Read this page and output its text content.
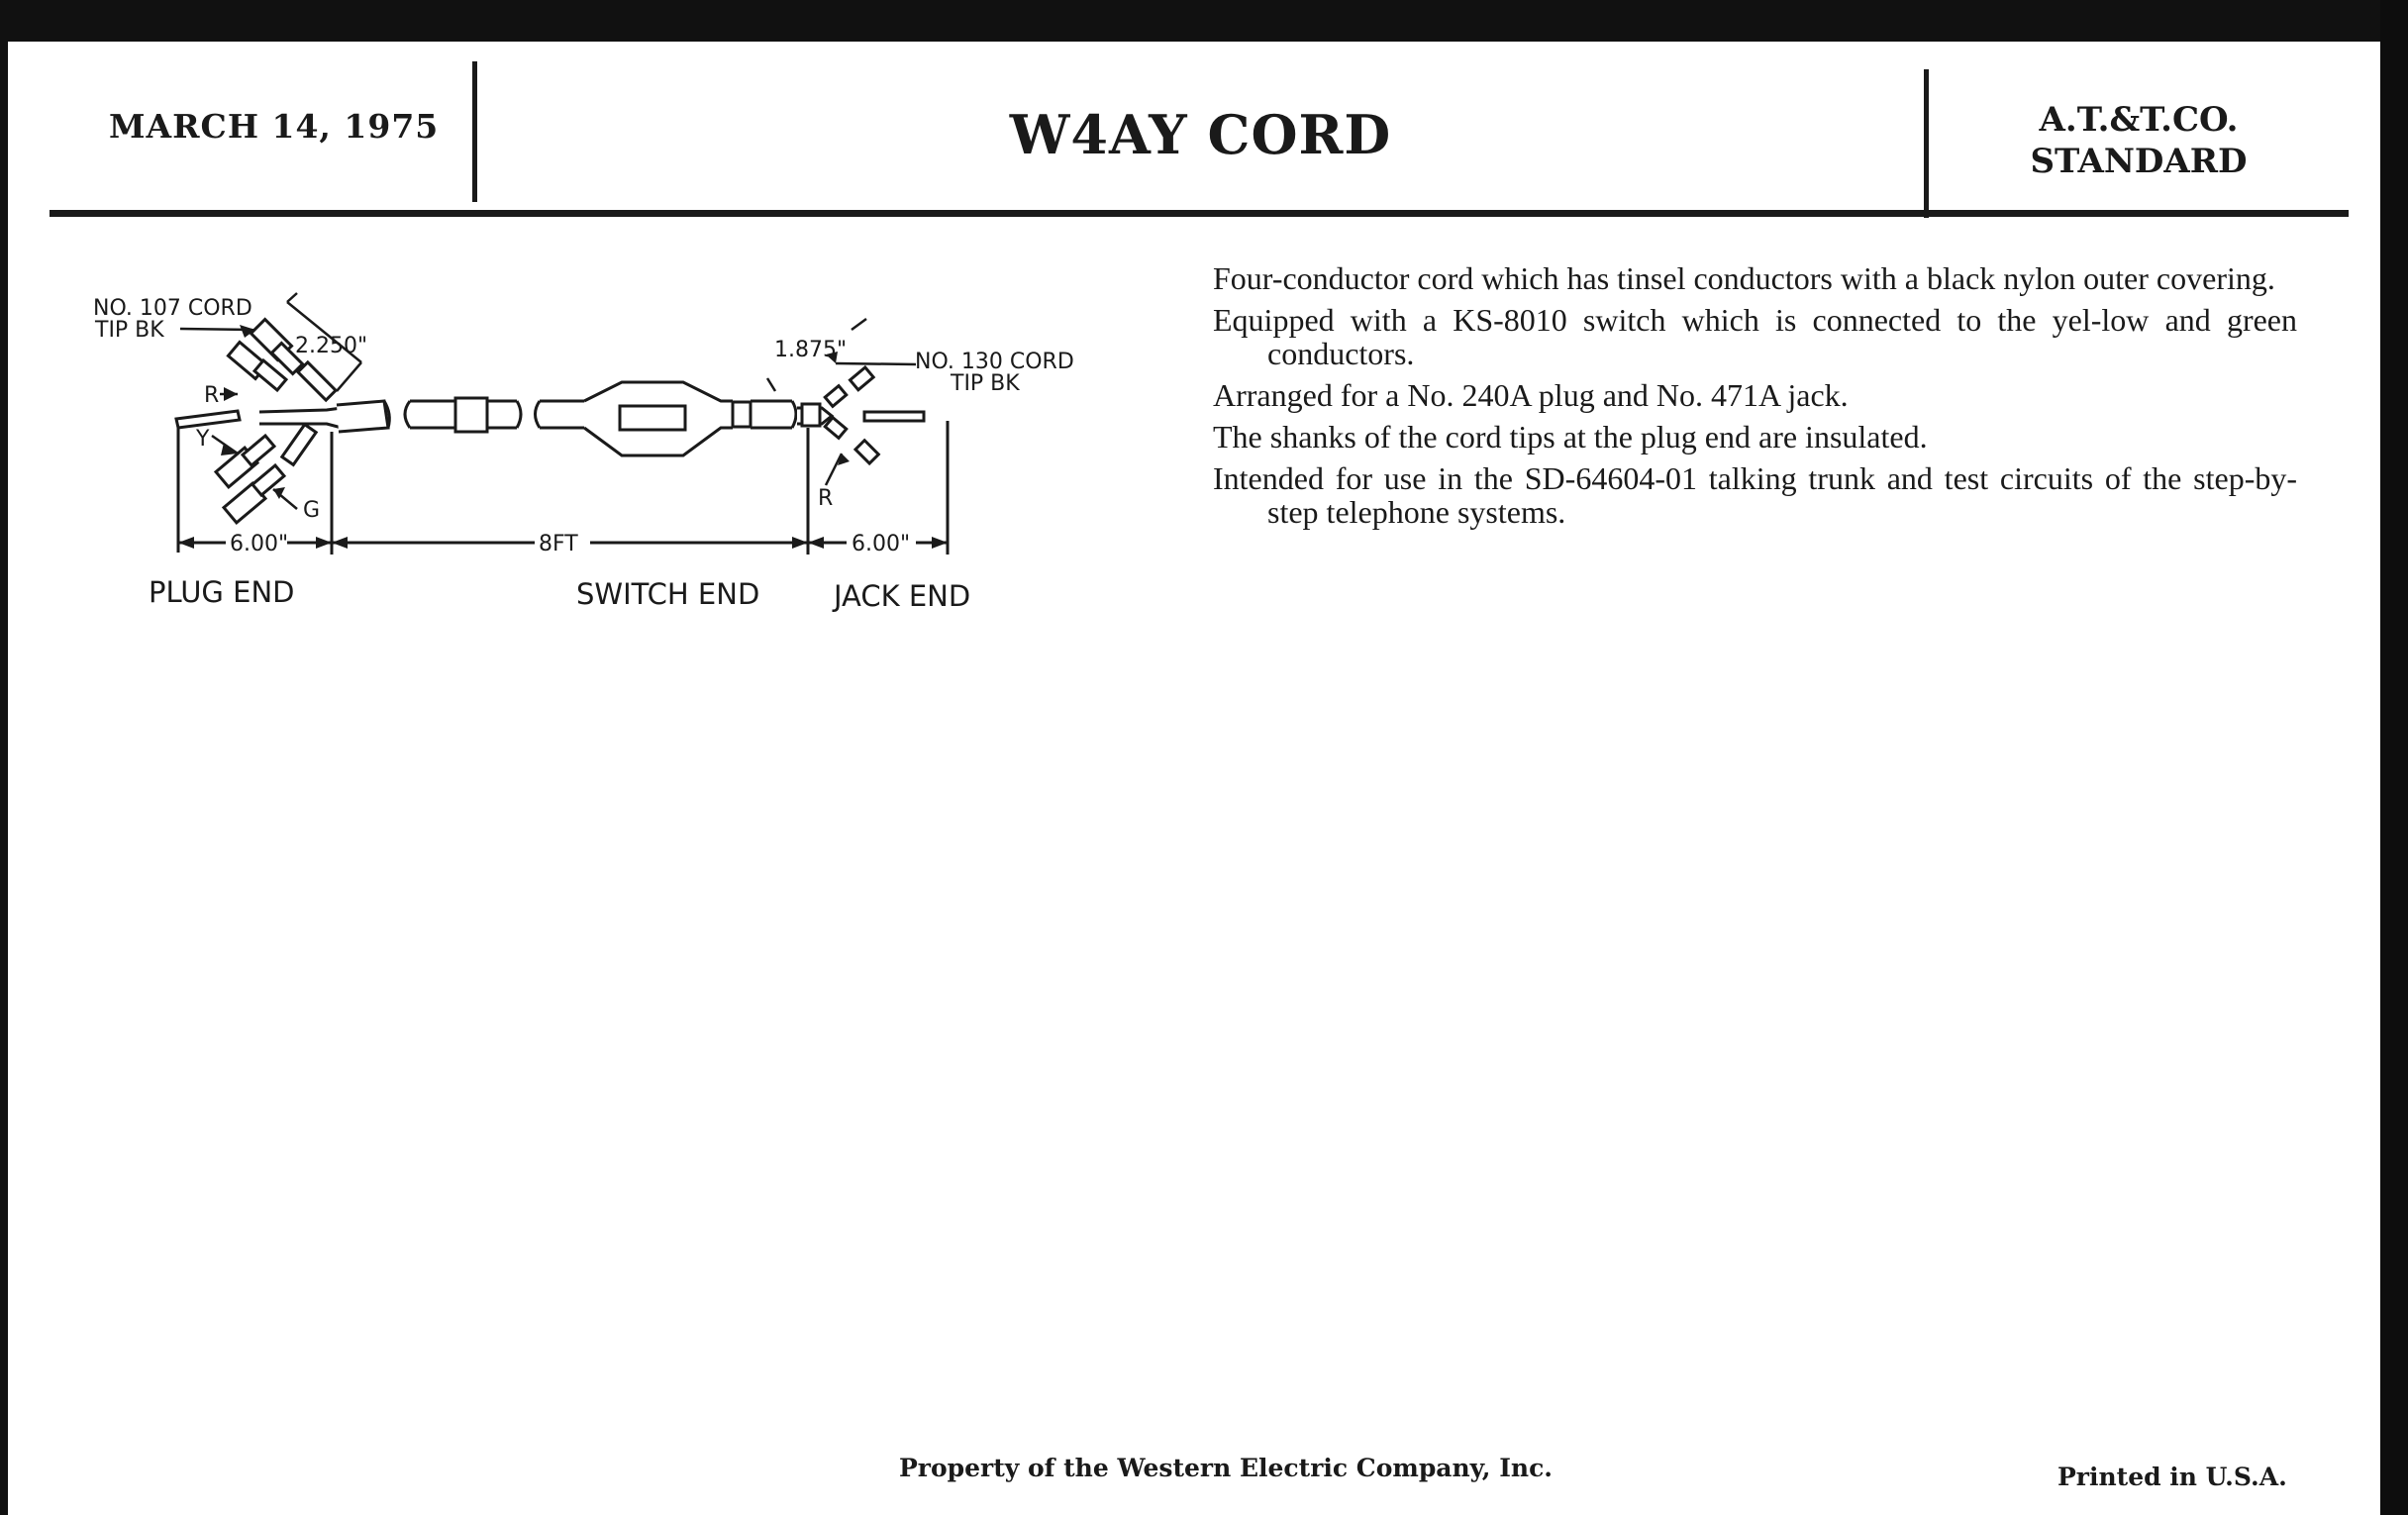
MARCH 14, 1975	W4AY CORD	A.T.&T.CO.
STANDARD
NO. 107 CORD
TIP BK
2.250"
R
Y
G
1.875"	NO. 130 CORD
TIP BK
R
6.00"	8FT	6.00"
PLUG END	SWITCH END	JACK END

Four-conductor cord which has tinsel conductors with a black nylon outer covering.

Equipped with a KS-8010 switch which is connected to the yel-low and green conductors.

Arranged for a No. 240A plug and No. 471A jack.

The shanks of the cord tips at the plug end are insulated.

Intended for use in the SD-64604-01 talking trunk and test circuits of the step-by-step telephone systems.

Property of the Western Electric Company, Inc.	Printed in U.S.A.
